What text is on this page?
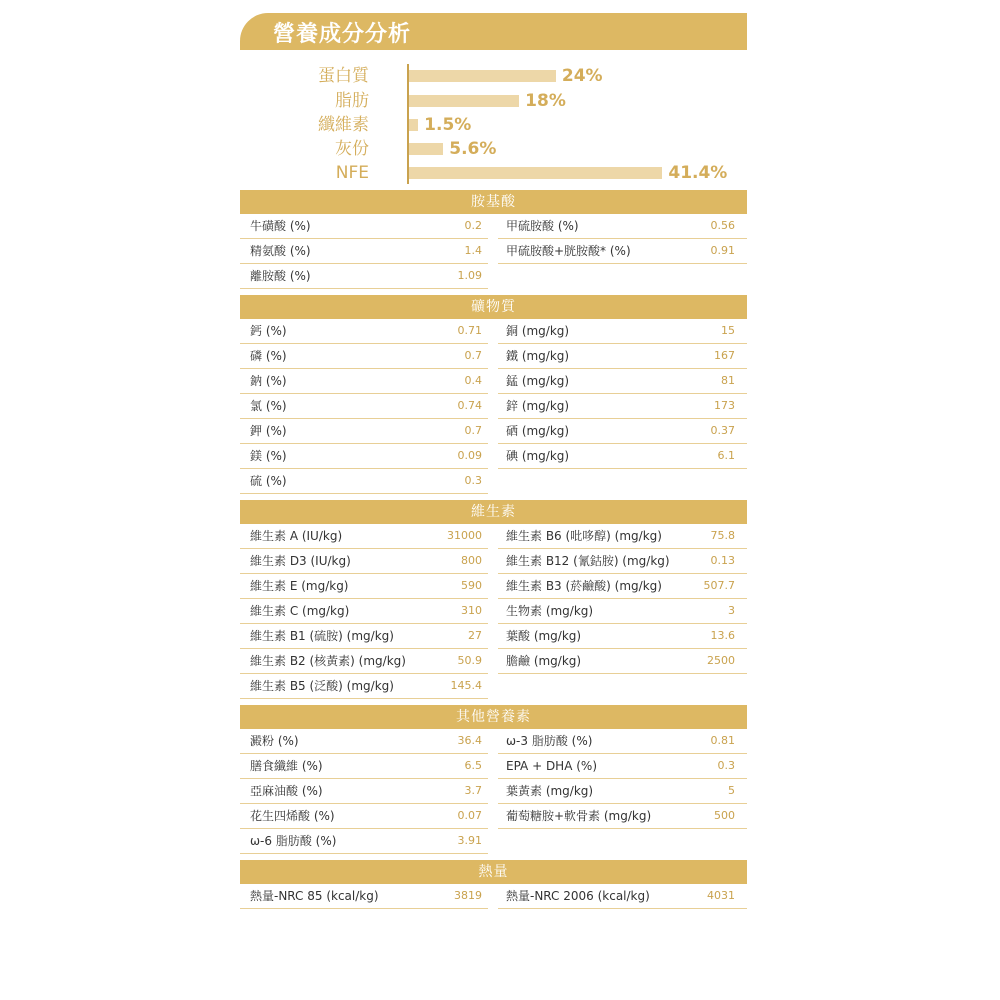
營養成分分析
蛋白質	24%
脂肪	18%
纖維素	1.5%
灰份	5.6%
NFE	41.4%
胺基酸
牛磺酸 (%)	0.2 甲硫胺酸 (%)	0.56
精氨酸 (%)	1.4 甲硫胺酸+胱胺酸* (%)	0.91
離胺酸 (%)	1.09
礦物質
鈣 (%)	0.71 銅 (mg/kg)	15
磷 (%)	0.7 鐵 (mg/kg)	167
鈉 (%)	0.4 錳 (mg/kg)	81
氯 (%)	0.74 鋅 (mg/kg)	173
鉀 (%)	0.7 硒 (mg/kg)	0.37
鎂 (%)	0.09 碘 (mg/kg)	6.1
硫 (%)	0.3
維生素
維生素 A (IU/kg)	31000 維生素 B6 (吡哆醇) (mg/kg)	75.8
維生素 D3 (IU/kg)	800 維生素 B12 (氰鈷胺) (mg/kg)	0.13
維生素 E (mg/kg)	590 維生素 B3 (菸鹼酸) (mg/kg)	507.7
維生素 C (mg/kg)	310 生物素 (mg/kg)	3
維生素 B1 (硫胺) (mg/kg)	27 葉酸 (mg/kg)	13.6
維生素 B2 (核黃素) (mg/kg)	50.9 膽鹼 (mg/kg)	2500
維生素 B5 (泛酸) (mg/kg)	145.4
其他營養素
澱粉 (%)	36.4 ω-3 脂肪酸 (%)	0.81
膳食纖維 (%)	6.5 EPA + DHA (%)	0.3
亞麻油酸 (%)	3.7 葉黃素 (mg/kg)	5
花生四烯酸 (%)	0.07 葡萄糖胺+軟骨素 (mg/kg)	500
ω-6 脂肪酸 (%)	3.91
熱量
熱量-NRC 85 (kcal/kg)	3819 熱量-NRC 2006 (kcal/kg)	4031
